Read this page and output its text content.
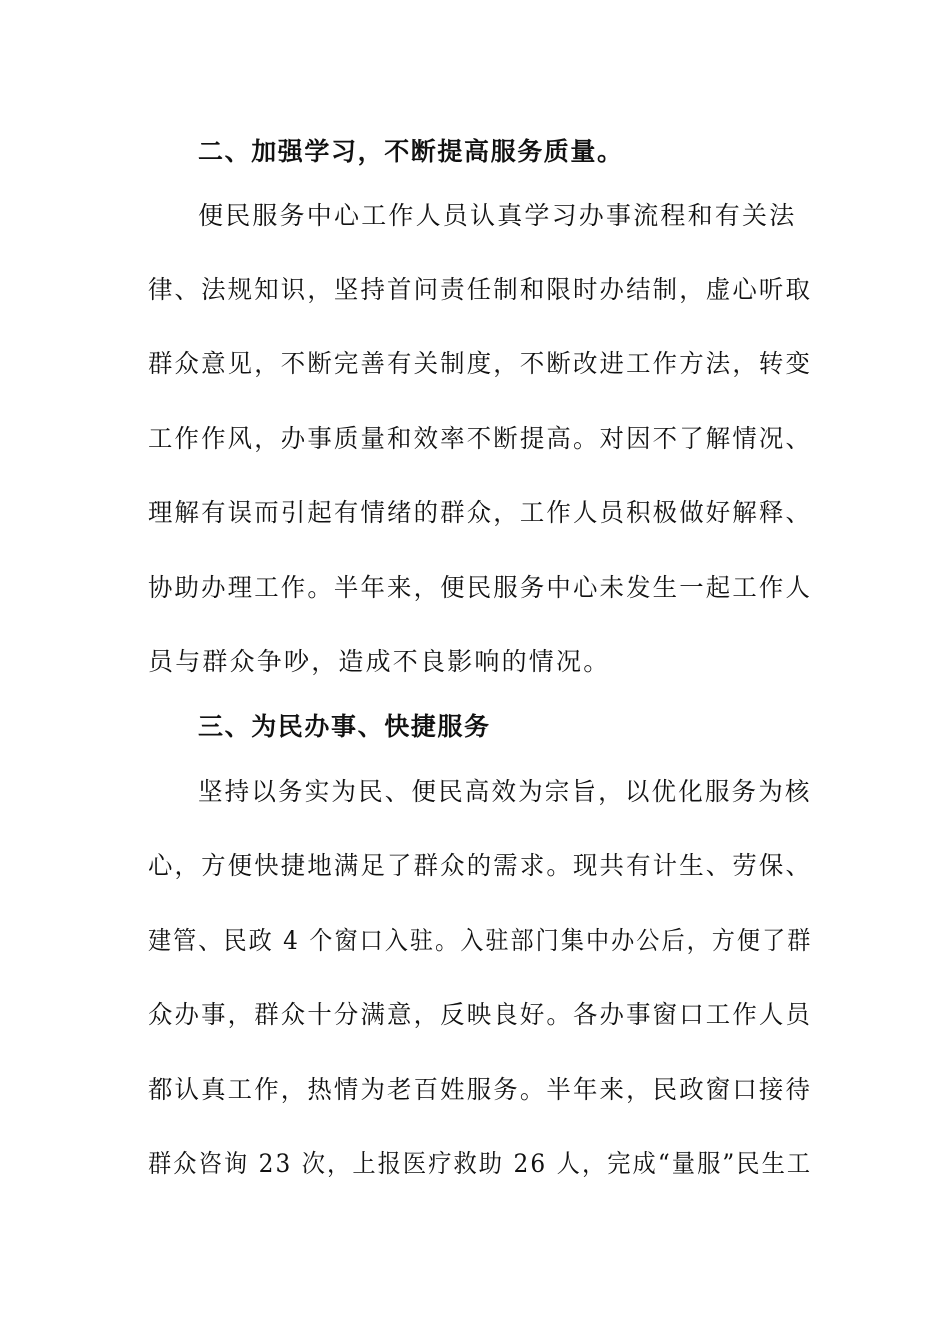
二、加强学习，不断提高服务质量。
便民服务中心工作人员认真学习办事流程和有关法
律、法规知识，坚持首问责任制和限时办结制，虚心听取
群众意见，不断完善有关制度，不断改进工作方法，转变
工作作风，办事质量和效率不断提高。对因不了解情况、
理解有误而引起有情绪的群众，工作人员积极做好解释、
协助办理工作。半年来，便民服务中心未发生一起工作人
员与群众争吵，造成不良影响的情况。
三、为民办事、快捷服务
坚持以务实为民、便民高效为宗旨，以优化服务为核
心，方便快捷地满足了群众的需求。现共有计生、劳保、
建管、民政 4 个窗口入驻。入驻部门集中办公后，方便了群
众办事，群众十分满意，反映良好。各办事窗口工作人员
都认真工作，热情为老百姓服务。半年来，民政窗口接待
群众咨询 23 次，上报医疗救助 26 人，完成“量服”民生工
